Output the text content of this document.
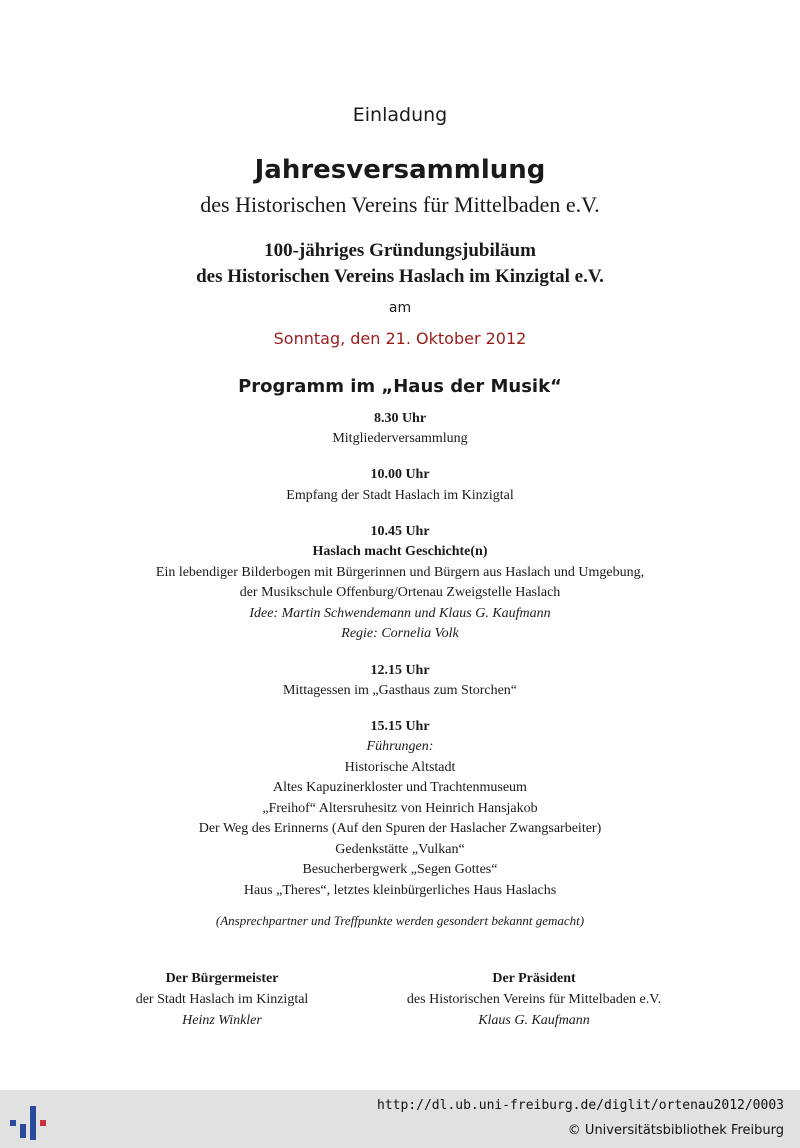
Einladung
Jahresversammlung
des Historischen Vereins für Mittelbaden e.V.
100-jähriges Gründungsjubiläum
des Historischen Vereins Haslach im Kinzigtal e.V.
am
Sonntag, den 21. Oktober 2012
Programm im „Haus der Musik“
8.30 Uhr
Mitgliederversammlung
10.00 Uhr
Empfang der Stadt Haslach im Kinzigtal
10.45 Uhr
Haslach macht Geschichte(n)
Ein lebendiger Bilderbogen mit Bürgerinnen und Bürgern aus Haslach und Umgebung,
der Musikschule Offenburg/Ortenau Zweigstelle Haslach
Idee: Martin Schwendemann und Klaus G. Kaufmann
Regie: Cornelia Volk
12.15 Uhr
Mittagessen im „Gasthaus zum Storchen“
15.15 Uhr
Führungen:
Historische Altstadt
Altes Kapuzinerkloster und Trachtenmuseum
„Freihof“ Altersruhesitz von Heinrich Hansjakob
Der Weg des Erinnerns (Auf den Spuren der Haslacher Zwangsarbeiter)
Gedenkstätte „Vulkan“
Besucherbergwerk „Segen Gottes“
Haus „Theres“, letztes kleinbürgerliches Haus Haslachs
(Ansprechpartner und Treffpunkte werden gesondert bekannt gemacht)
Der Bürgermeister
der Stadt Haslach im Kinzigtal
Heinz Winkler
Der Präsident
des Historischen Vereins für Mittelbaden e.V.
Klaus G. Kaufmann
http://dl.ub.uni-freiburg.de/diglit/ortenau2012/0003
© Universitätsbibliothek Freiburg
